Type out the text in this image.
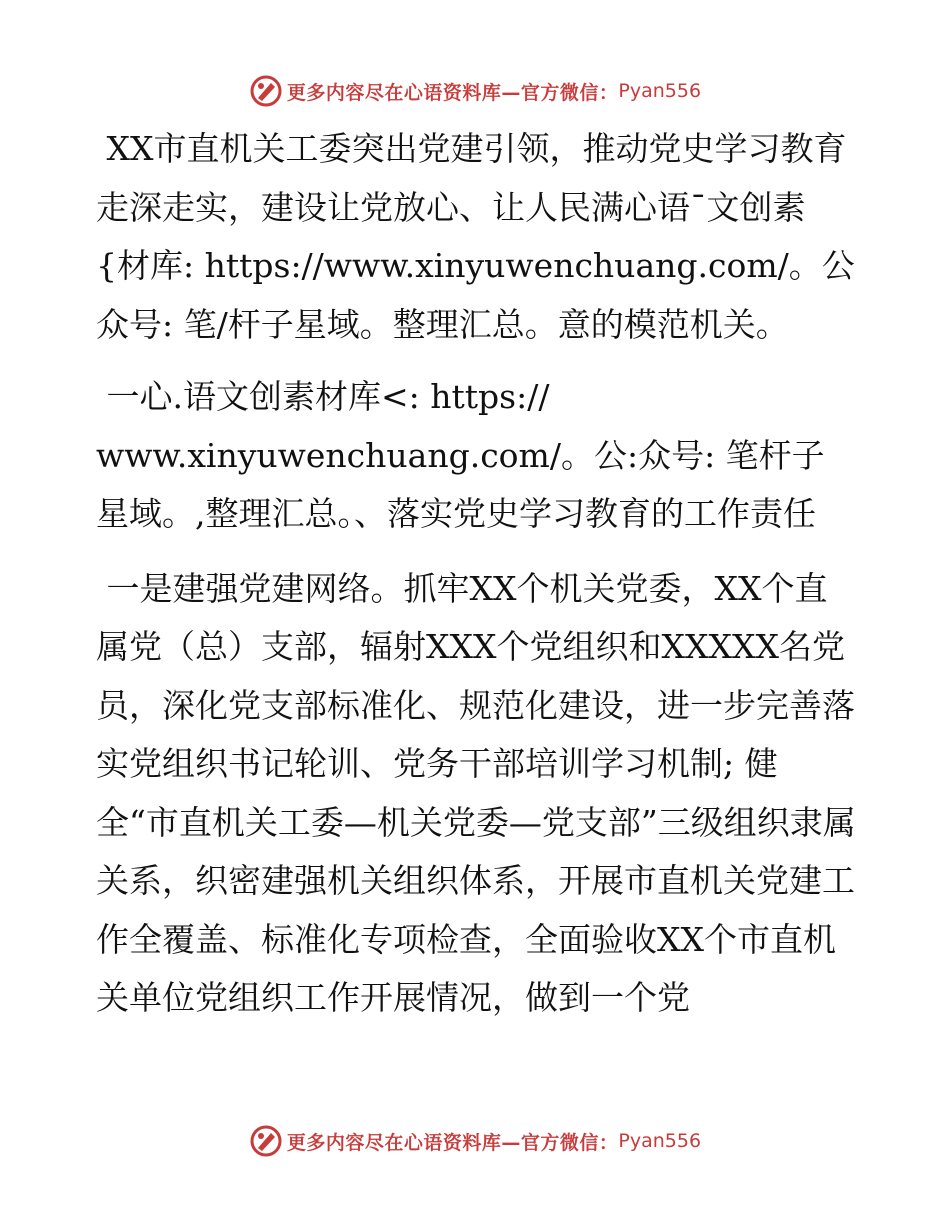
更多内容尽在心语资料库—官方微信： Pyan556

XX市直机关工委突出党建引领，推动党史学习教育走深走实，建设让党放心、让人民满心语¯文创素{材库: https://www.xinyuwenchuang.com/。公众号: 笔/杆子星域。整理汇总。意的模范机关。

一心.语文创素材库<: https://
www.xinyuwenchuang.com/。公:众号: 笔杆子星域。,整理汇总。、落实党史学习教育的工作责任

一是建强党建网络。抓牢XX个机关党委，XX个直属党（总）支部，辐射XXX个党组织和XXXXX名党员，深化党支部标准化、规范化建设，进一步完善落实党组织书记轮训、党务干部培训学习机制; 健全“市直机关工委—机关党委—党支部”三级组织隶属关系，织密建强机关组织体系，开展市直机关党建工作全覆盖、标准化专项检查，全面验收XX个市直机关单位党组织工作开展情况，做到一个党

更多内容尽在心语资料库—官方微信： Pyan556
